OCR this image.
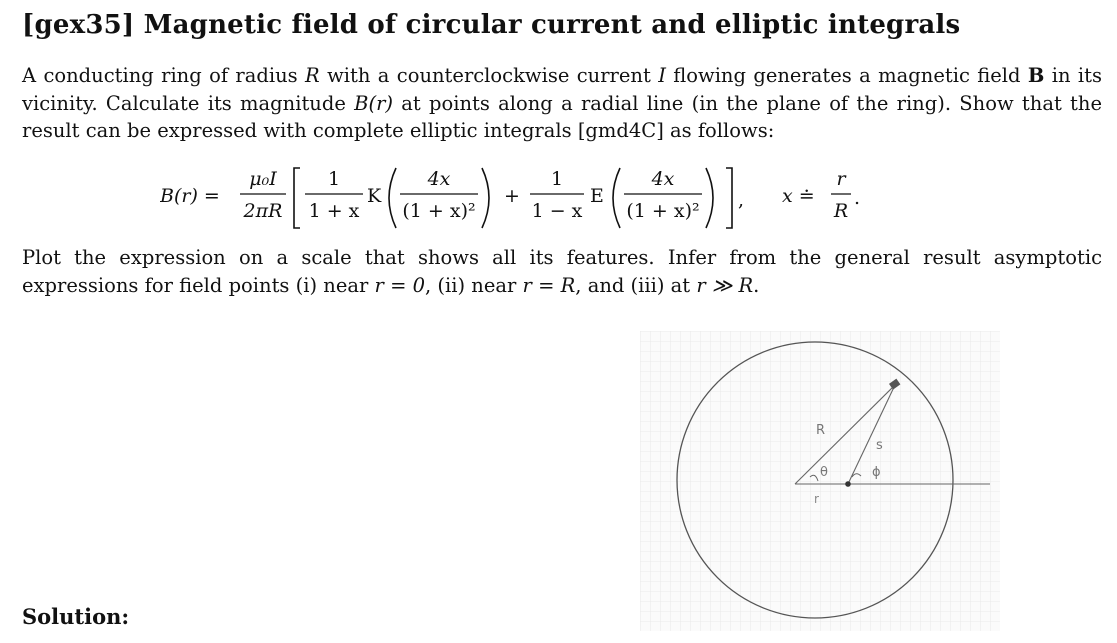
[gex35] Magnetic field of circular current and elliptic integrals
A conducting ring of radius R with a counterclockwise current I flowing generates a magnetic field B in its vicinity. Calculate its magnitude B(r) at points along a radial line (in the plane of the ring). Show that the result can be expressed with complete elliptic integrals [gmd4C] as follows:
B(r) =
μ₀I
2πR
1
1 + x
K
4x
(1 + x)²
+
1
1 − x
E
4x
(1 + x)² , x ≐
r
R
.
Plot the expression on a scale that shows all its features. Infer from the general result asymptotic expressions for field points (i) near r = 0, (ii) near r = R, and (iii) at r ≫ R.
R
s
θ	ϕ
r
Solution:
